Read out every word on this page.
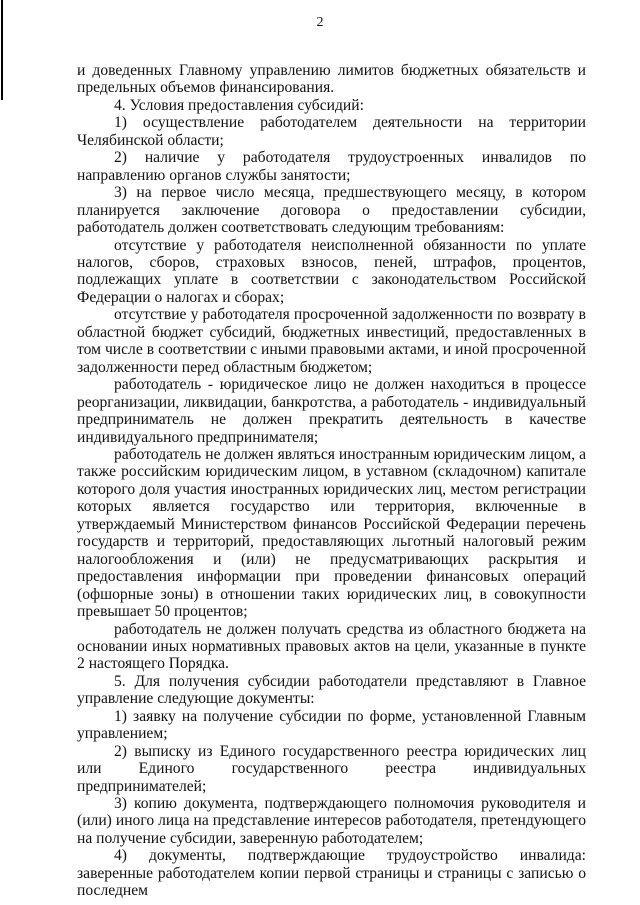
2

и доведенных Главному управлению лимитов бюджетных обязательств и предельных объемов финансирования.

4. Условия предоставления субсидий:

1) осуществление работодателем деятельности на территории Челябинской области;

2) наличие у работодателя трудоустроенных инвалидов по направлению органов службы занятости;

3) на первое число месяца, предшествующего месяцу, в котором планируется заключение договора о предоставлении субсидии, работодатель должен соответствовать следующим требованиям:

отсутствие у работодателя неисполненной обязанности по уплате налогов, сборов, страховых взносов, пеней, штрафов, процентов, подлежащих уплате в соответствии с законодательством Российской Федерации о налогах и сборах;

отсутствие у работодателя просроченной задолженности по возврату в областной бюджет субсидий, бюджетных инвестиций, предоставленных в том числе в соответствии с иными правовыми актами, и иной просроченной задолженности перед областным бюджетом;

работодатель - юридическое лицо не должен находиться в процессе реорганизации, ликвидации, банкротства, а работодатель - индивидуальный предприниматель не должен прекратить деятельность в качестве индивидуального предпринимателя;

работодатель не должен являться иностранным юридическим лицом, а также российским юридическим лицом, в уставном (складочном) капитале которого доля участия иностранных юридических лиц, местом регистрации которых является государство или территория, включенные в утверждаемый Министерством финансов Российской Федерации перечень государств и территорий, предоставляющих льготный налоговый режим налогообложения и (или) не предусматривающих раскрытия и предоставления информации при проведении финансовых операций (офшорные зоны) в отношении таких юридических лиц, в совокупности превышает 50 процентов;

работодатель не должен получать средства из областного бюджета на основании иных нормативных правовых актов на цели, указанные в пункте 2 настоящего Порядка.

5. Для получения субсидии работодатели представляют в Главное управление следующие документы:

1) заявку на получение субсидии по форме, установленной Главным управлением;

2) выписку из Единого государственного реестра юридических лиц или Единого государственного реестра индивидуальных предпринимателей;

3) копию документа, подтверждающего полномочия руководителя и (или) иного лица на представление интересов работодателя, претендующего на получение субсидии, заверенную работодателем;

4) документы, подтверждающие трудоустройство инвалида: заверенные работодателем копии первой страницы и страницы с записью о последнем
